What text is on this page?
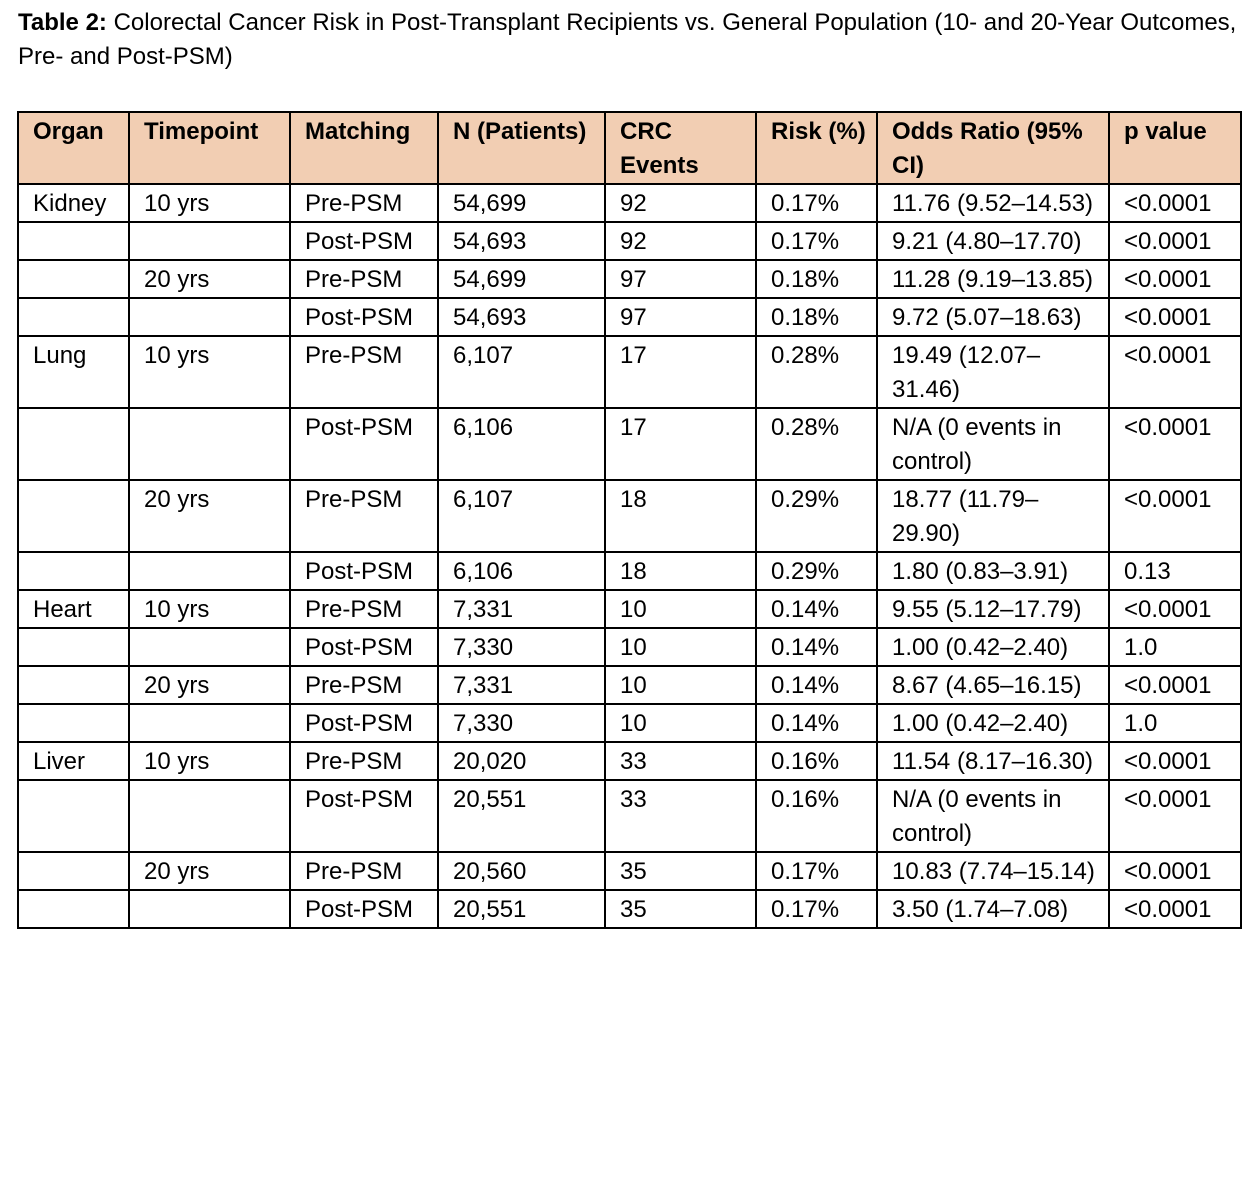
Table 2: Colorectal Cancer Risk in Post-Transplant Recipients vs. General Population (10- and 20-Year Outcomes, Pre- and Post-PSM)

Organ	Timepoint	Matching	N (Patients)	CRC Events	Risk (%)	Odds Ratio (95% CI)	p value
Kidney	10 yrs	Pre-PSM	54,699	92	0.17%	11.76 (9.52–14.53)	<0.0001
		Post-PSM	54,693	92	0.17%	9.21 (4.80–17.70)	<0.0001
	20 yrs	Pre-PSM	54,699	97	0.18%	11.28 (9.19–13.85)	<0.0001
		Post-PSM	54,693	97	0.18%	9.72 (5.07–18.63)	<0.0001
Lung	10 yrs	Pre-PSM	6,107	17	0.28%	19.49 (12.07–31.46)	<0.0001
		Post-PSM	6,106	17	0.28%	N/A (0 events in control)	<0.0001
	20 yrs	Pre-PSM	6,107	18	0.29%	18.77 (11.79–29.90)	<0.0001
		Post-PSM	6,106	18	0.29%	1.80 (0.83–3.91)	0.13
Heart	10 yrs	Pre-PSM	7,331	10	0.14%	9.55 (5.12–17.79)	<0.0001
		Post-PSM	7,330	10	0.14%	1.00 (0.42–2.40)	1.0
	20 yrs	Pre-PSM	7,331	10	0.14%	8.67 (4.65–16.15)	<0.0001
		Post-PSM	7,330	10	0.14%	1.00 (0.42–2.40)	1.0
Liver	10 yrs	Pre-PSM	20,020	33	0.16%	11.54 (8.17–16.30)	<0.0001
		Post-PSM	20,551	33	0.16%	N/A (0 events in control)	<0.0001
	20 yrs	Pre-PSM	20,560	35	0.17%	10.83 (7.74–15.14)	<0.0001
		Post-PSM	20,551	35	0.17%	3.50 (1.74–7.08)	<0.0001
